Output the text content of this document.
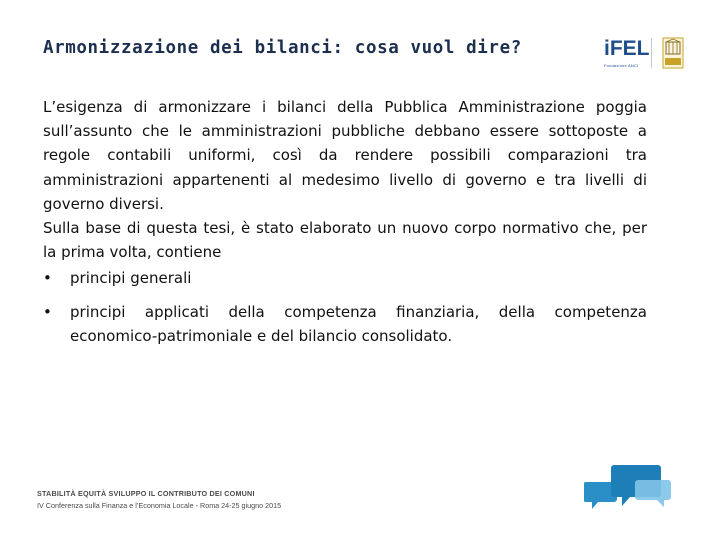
Armonizzazione dei bilanci: cosa vuol dire?	iFEL
Fondazione ANCI

L’esigenza di armonizzare i bilanci della Pubblica Amministrazione poggia sull’assunto che le amministrazioni pubbliche debbano essere sottoposte a regole contabili uniformi, così da rendere possibili comparazioni tra amministrazioni appartenenti al medesimo livello di governo e tra livelli di governo diversi.

Sulla base di questa tesi, è stato elaborato un nuovo corpo normativo che, per la prima volta, contiene

•	principi generali
•	principi applicati della competenza finanziaria, della competenza economico-patrimoniale e del bilancio consolidato.
STABILITÀ EQUITÀ SVILUPPO IL CONTRIBUTO DEI COMUNI
IV Conferenza sulla Finanza e l’Economia Locale - Roma 24-25 giugno 2015
